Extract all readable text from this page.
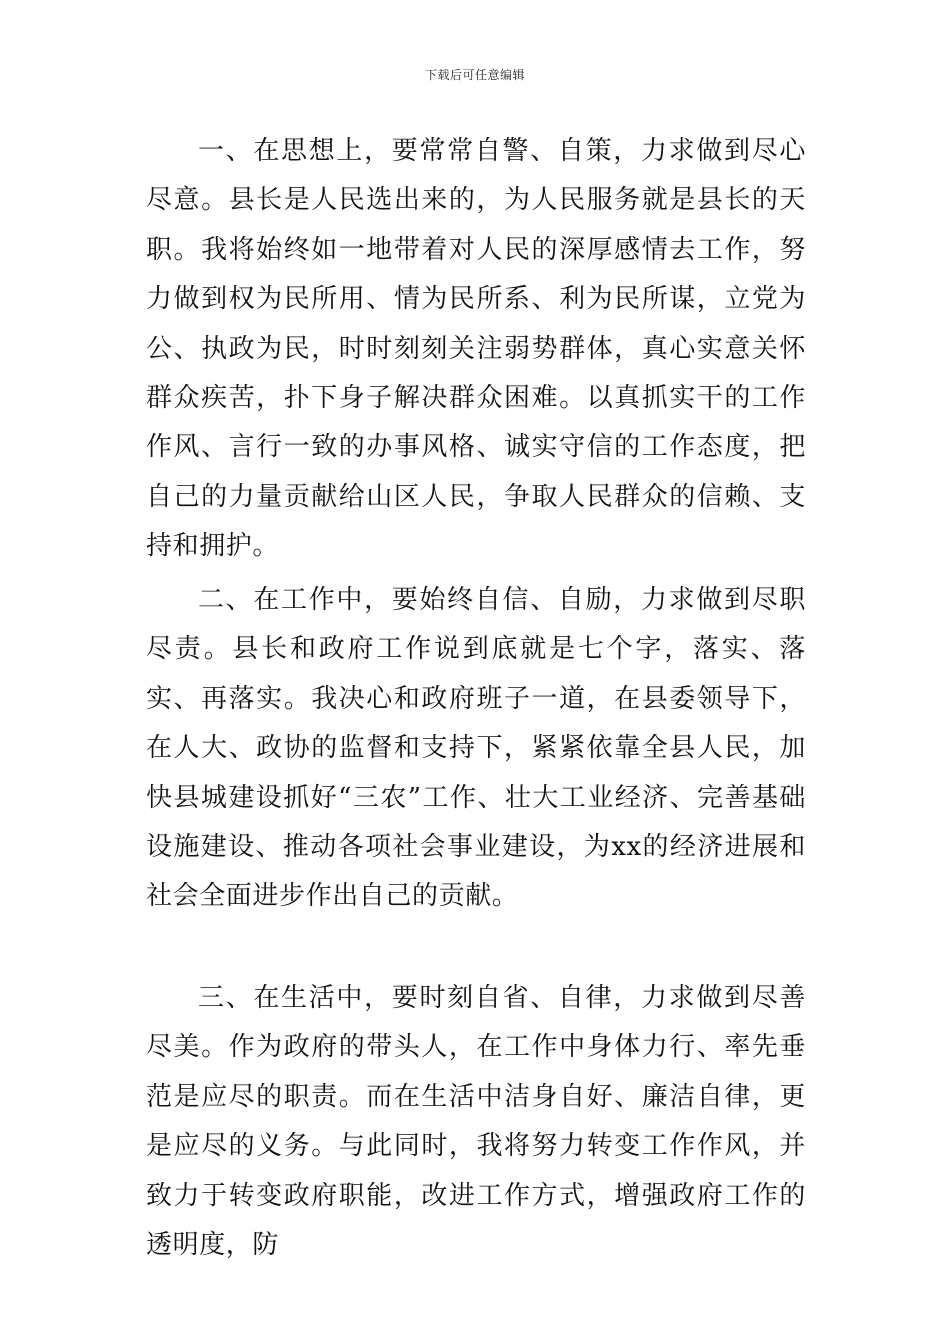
下载后可任意编辑

一、在思想上，要常常自警、自策，力求做到尽心尽意。县长是人民选出来的，为人民服务就是县长的天职。我将始终如一地带着对人民的深厚感情去工作，努力做到权为民所用、情为民所系、利为民所谋，立党为公、执政为民，时时刻刻关注弱势群体，真心实意关怀群众疾苦，扑下身子解决群众困难。以真抓实干的工作作风、言行一致的办事风格、诚实守信的工作态度，把自己的力量贡献给山区人民，争取人民群众的信赖、支持和拥护。

二、在工作中，要始终自信、自励，力求做到尽职尽责。县长和政府工作说到底就是七个字，落实、落实、再落实。我决心和政府班子一道，在县委领导下，在人大、政协的监督和支持下，紧紧依靠全县人民，加快县城建设抓好“三农”工作、壮大工业经济、完善基础设施建设、推动各项社会事业建设，为xx的经济进展和社会全面进步作出自己的贡献。

三、在生活中，要时刻自省、自律，力求做到尽善尽美。作为政府的带头人，在工作中身体力行、率先垂范是应尽的职责。而在生活中洁身自好、廉洁自律，更是应尽的义务。与此同时，我将努力转变工作作风，并致力于转变政府职能，改进工作方式，增强政府工作的透明度，防
